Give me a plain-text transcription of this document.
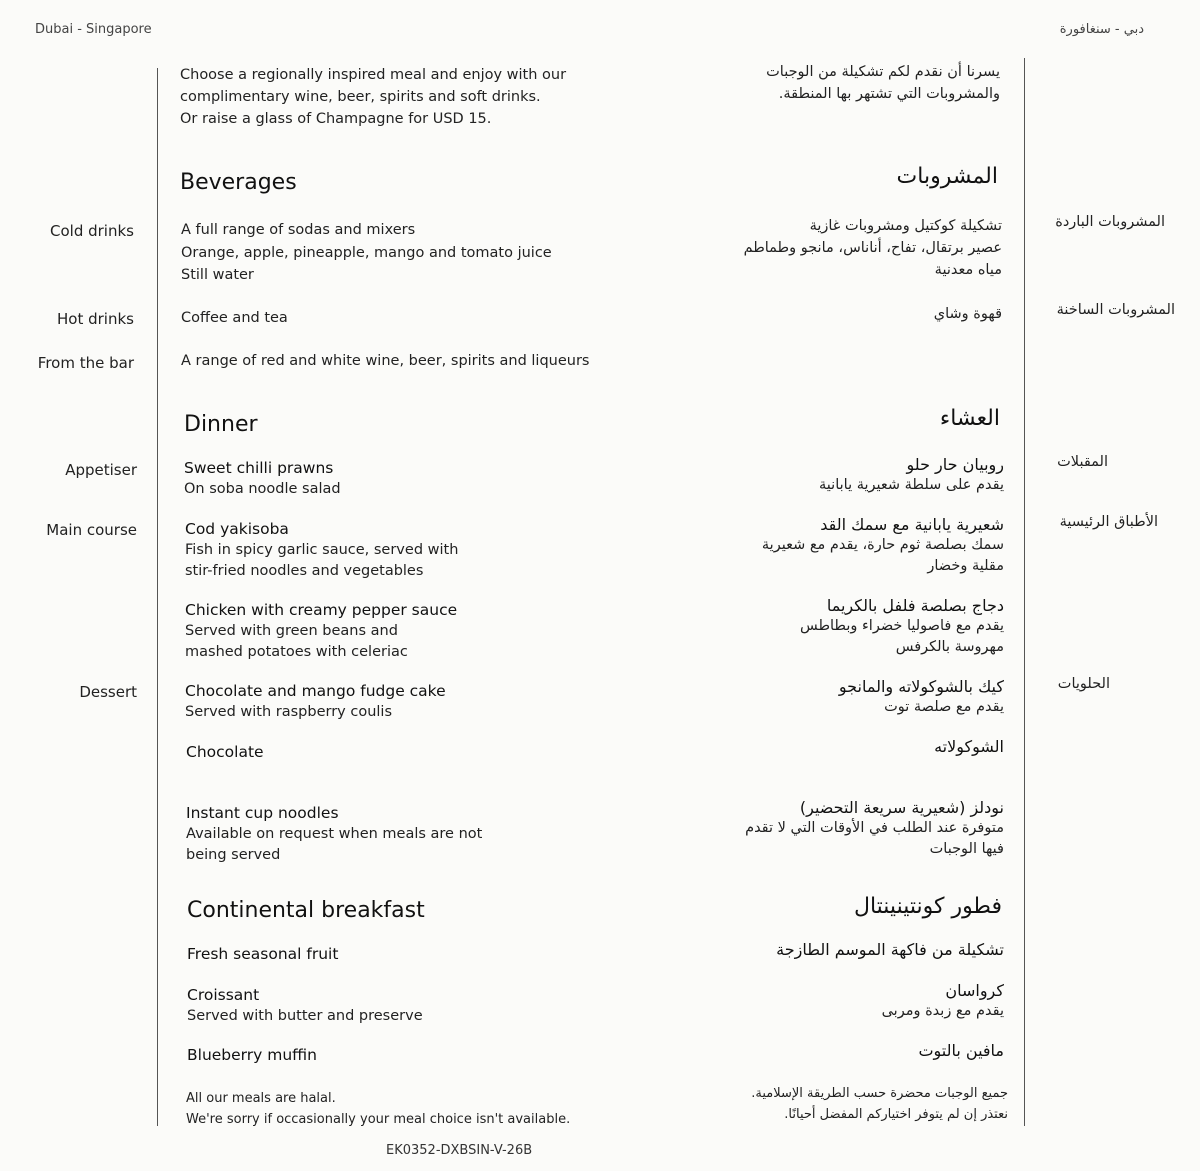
Dubai - Singapore	دبي - سنغافورة
Choose a regionally inspired meal and enjoy with our
complimentary wine, beer, spirits and soft drinks.
Or raise a glass of Champagne for USD 15.
يسرنا أن نقدم لكم تشكيلة من الوجبات
والمشروبات التي تشتهر بها المنطقة.
Beverages	المشروبات
Cold drinks	المشروبات الباردة
A full range of sodas and mixers
Orange, apple, pineapple, mango and tomato juice
Still water
تشكيلة كوكتيل ومشروبات غازية
عصير برتقال، تفاح، أناناس، مانجو وطماطم
مياه معدنية
Hot drinks	المشروبات الساخنة
Coffee and tea	قهوة وشاي
From the bar	A range of red and white wine, beer, spirits and liqueurs
Dinner	العشاء
Appetiser	المقبلات
Sweet chilli prawns
On soba noodle salad
روبيان حار حلو
يقدم على سلطة شعيرية يابانية
Main course	الأطباق الرئيسية
Cod yakisoba
Fish in spicy garlic sauce, served with
stir-fried noodles and vegetables
شعيرية يابانية مع سمك القد
سمك بصلصة ثوم حارة، يقدم مع شعيرية
مقلية وخضار
Chicken with creamy pepper sauce
Served with green beans and
mashed potatoes with celeriac
دجاج بصلصة فلفل بالكريما
يقدم مع فاصوليا خضراء وبطاطس
مهروسة بالكرفس
Dessert	الحلويات
Chocolate and mango fudge cake
Served with raspberry coulis
كيك بالشوكولاته والمانجو
يقدم مع صلصة توت
Chocolate	الشوكولاته
Instant cup noodles
Available on request when meals are not
being served
نودلز (شعيرية سريعة التحضير)
متوفرة عند الطلب في الأوقات التي لا تقدم
فيها الوجبات
Continental breakfast	فطور كونتينينتال
Fresh seasonal fruit	تشكيلة من فاكهة الموسم الطازجة
Croissant
Served with butter and preserve
كرواسان
يقدم مع زبدة ومربى
Blueberry muffin	مافين بالتوت
All our meals are halal.
We're sorry if occasionally your meal choice isn't available.
جميع الوجبات محضرة حسب الطريقة الإسلامية.
نعتذر إن لم يتوفر اختياركم المفضل أحيانًا.
EK0352-DXBSIN-V-26B
